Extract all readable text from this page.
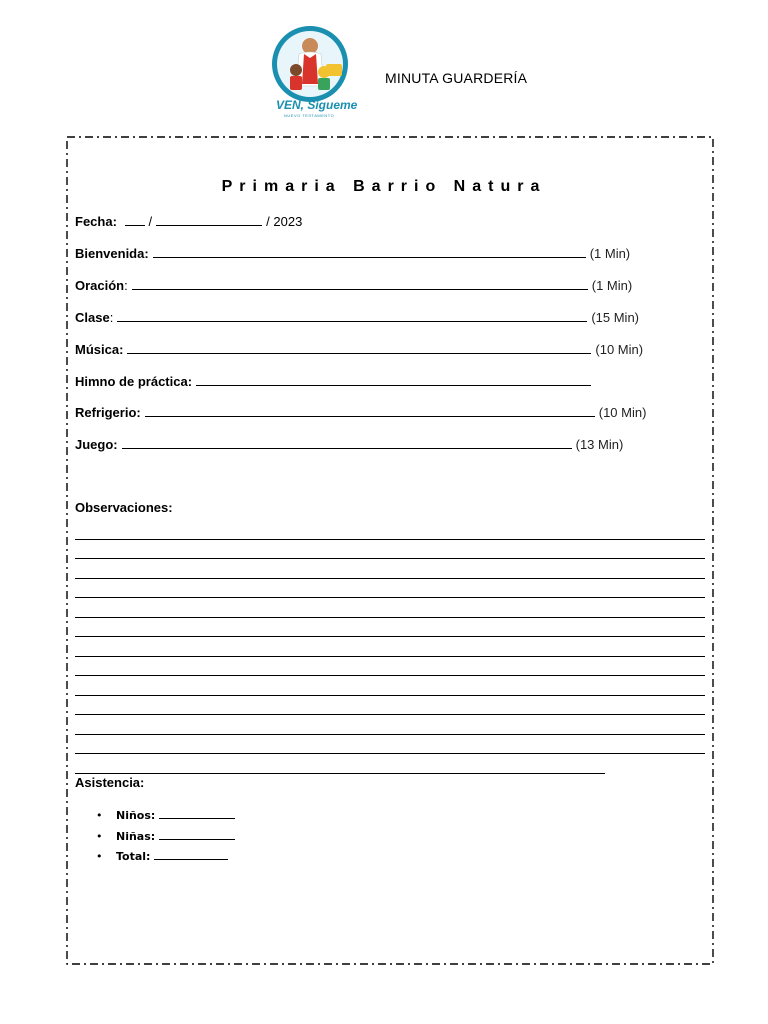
VEN, Sígueme
NUEVO TESTAMENTO
MINUTA GUARDERÍA
Primaria Barrio Natura
Fecha: /	/ 2023
Bienvenida:	(1 Min)
Oración:	(1 Min)
Clase:	(15 Min)
Música:	(10 Min)
Himno de práctica:
Refrigerio:	(10 Min)
Juego:	(13 Min)
Observaciones:
Asistencia:
• Niños:
• Niñas:
• Total:
